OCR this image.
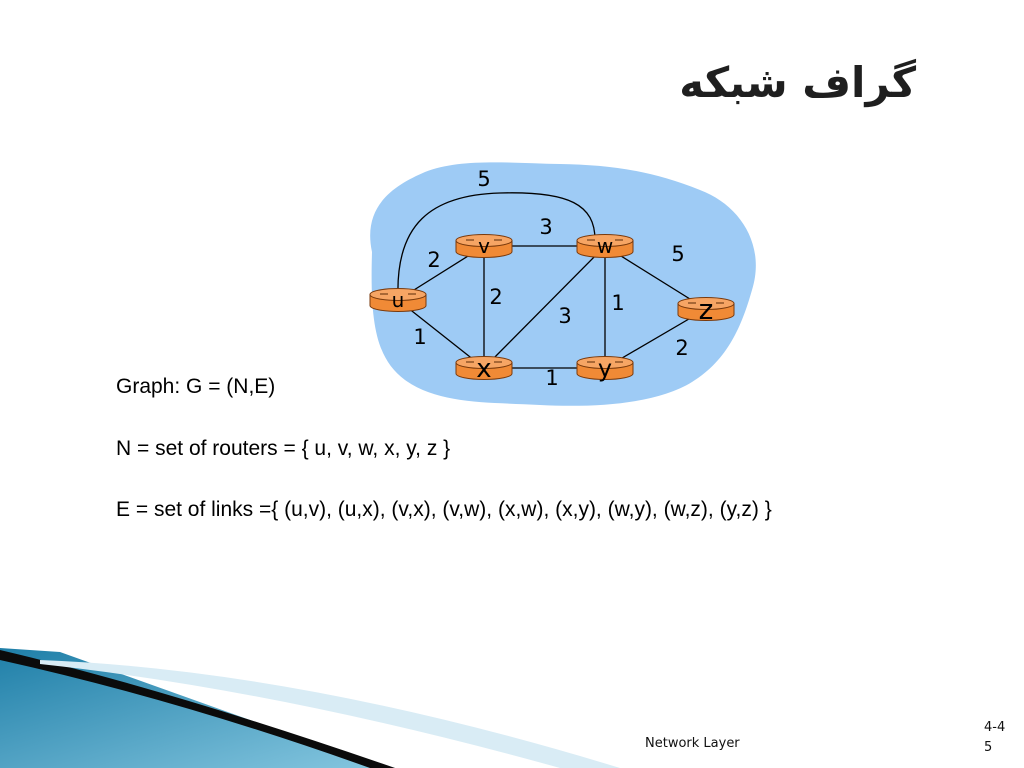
گراف شبکه
u
v	w
x	y
z
5
3
2	5
2
3
1
1	2
1

Graph: G = (N,E)

N = set of routers = { u, v, w, x, y, z }

E = set of links ={ (u,v), (u,x), (v,x), (v,w), (x,w), (x,y), (w,y), (w,z), (y,z) }

Network Layer
4-45
